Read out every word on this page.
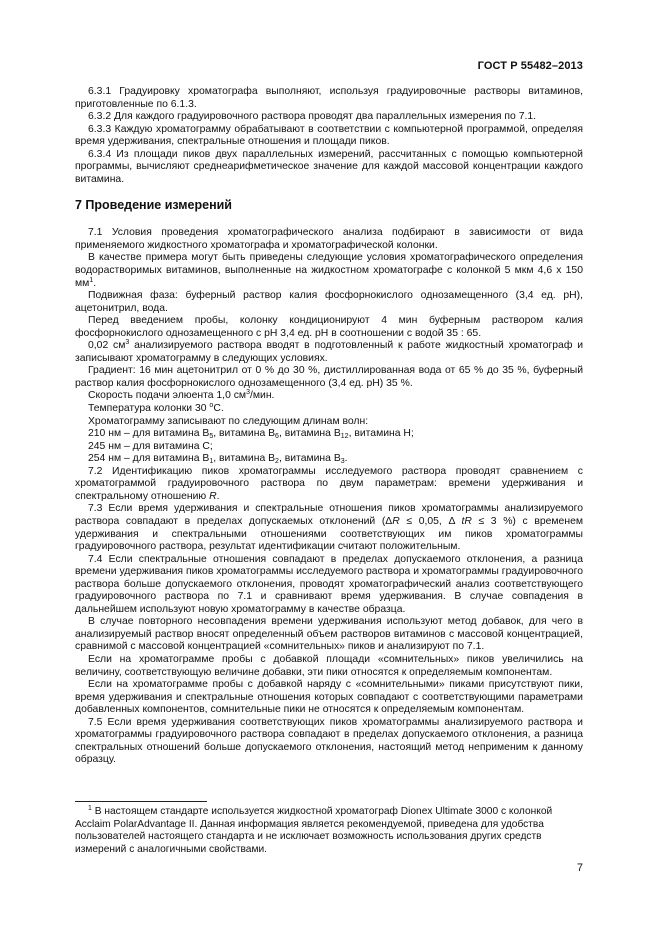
ГОСТ Р 55482–2013

6.3.1 Градуировку хроматографа выполняют, используя градуировочные растворы витаминов, приготовленные по 6.1.3.

6.3.2 Для каждого градуировочного раствора проводят два параллельных измерения по 7.1.

6.3.3 Каждую хроматограмму обрабатывают в соответствии с компьютерной программой, определяя время удерживания, спектральные отношения и площади пиков.

6.3.4 Из площади пиков двух параллельных измерений, рассчитанных с помощью компьютерной программы, вычисляют среднеарифметическое значение для каждой массовой концентрации каждого витамина.

7 Проведение измерений

7.1 Условия проведения хроматографического анализа подбирают в зависимости от вида применяемого жидкостного хроматографа и хроматографической колонки.

В качестве примера могут быть приведены следующие условия хроматографического определения водорастворимых витаминов, выполненные на жидкостном хроматографе с колонкой 5 мкм 4,6 х 150 $мм^1$.

Подвижная фаза: буферный раствор калия фосфорнокислого однозамещенного (3,4 ед. рН), ацетонитрил, вода.

Перед введением пробы, колонку кондиционируют 4 мин буферным раствором калия фосфорнокислого однозамещенного с рН 3,4 ед. рН в соотношении с водой 35 : 65.

0,02 $см^3$ анализируемого раствора вводят в подготовленный к работе жидкостный хроматограф и записывают хроматограмму в следующих условиях.

Градиент: 16 мин ацетонитрил от 0 % до 30 %, дистиллированная вода от 65 % до 35 %, буферный раствор калия фосфорнокислого однозамещенного (3,4 ед. рН) 35 %.

Скорость подачи элюента 1,0 $см^3$/мин.

Температура колонки 30 $^о$С.

Хроматограмму записывают по следующим длинам волн:

210 нм – для витамина $В_5$, витамина $В_6$, витамина $В_{12}$, витамина Н;

245 нм – для витамина С;

254 нм – для витамина $В_1$, витамина $В_2$, витамина $В_3$.

7.2 Идентификацию пиков хроматограммы исследуемого раствора проводят сравнением с хроматограммой градуировочного раствора по двум параметрам: времени удерживания и спектральному отношению R.

7.3 Если время удерживания и спектральные отношения пиков хроматограммы анализируемого раствора совпадают в пределах допускаемых отклонений (ΔR ≤ 0,05, Δ tR ≤ 3 %) с временем удерживания и спектральными отношениями соответствующих им пиков хроматограммы градуировочного раствора, результат идентификации считают положительным.

7.4 Если спектральные отношения совпадают в пределах допускаемого отклонения, а разница времени удерживания пиков хроматограммы исследуемого раствора и хроматограммы градуировочного раствора больше допускаемого отклонения, проводят хроматографический анализ соответствующего градуировочного раствора по 7.1 и сравнивают время удерживания. В случае совпадения в дальнейшем используют новую хроматограмму в качестве образца.

В случае повторного несовпадения времени удерживания используют метод добавок, для чего в анализируемый раствор вносят определенный объем растворов витаминов с массовой концентрацией, сравнимой с массовой концентрацией «сомнительных» пиков и анализируют по 7.1.

Если на хроматограмме пробы с добавкой площади «сомнительных» пиков увеличились на величину, соответствующую величине добавки, эти пики относятся к определяемым компонентам.

Если на хроматограмме пробы с добавкой наряду с «сомнительными» пиками присутствуют пики, время удерживания и спектральные отношения которых совпадают с соответствующими параметрами добавленных компонентов, сомнительные пики не относятся к определяемым компонентам.

7.5 Если время удерживания соответствующих пиков хроматограммы анализируемого раствора и хроматограммы градуировочного раствора совпадают в пределах допускаемого отклонения, а разница спектральных отношений больше допускаемого отклонения, настоящий метод неприменим к данному образцу.

$^1$ В настоящем стандарте используется жидкостной хроматограф Dionex Ultimate 3000 с колонкой Acclaim PolarAdvantage II. Данная информация является рекомендуемой, приведена для удобства пользователей настоящего стандарта и не исключает возможность использования других средств измерений с аналогичными свойствами.

7
